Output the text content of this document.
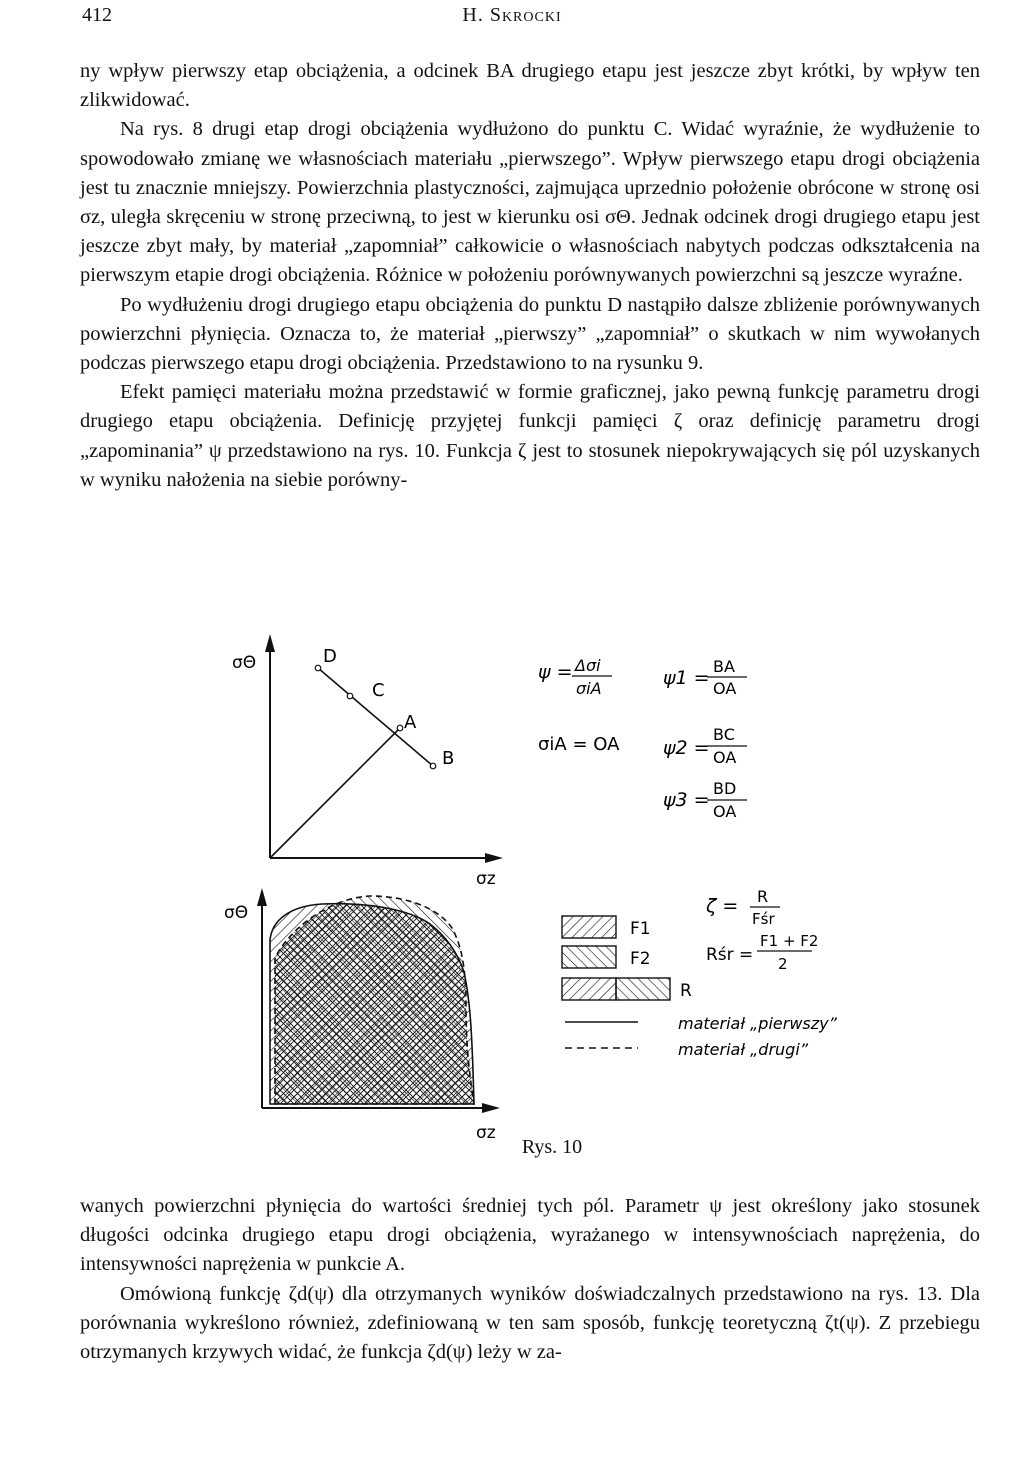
412	H. Skrocki

ny wpływ pierwszy etap obciążenia, a odcinek BA drugiego etapu jest jeszcze zbyt krótki, by wpływ ten zlikwidować.

Na rys. 8 drugi etap drogi obciążenia wydłużono do punktu C. Widać wyraźnie, że wydłużenie to spowodowało zmianę we własnościach materiału „pierwszego”. Wpływ pierwszego etapu drogi obciążenia jest tu znacznie mniejszy. Powierzchnia plastyczności, zajmująca uprzednio położenie obrócone w stronę osi σz, uległa skręceniu w stronę przeciwną, to jest w kierunku osi σΘ. Jednak odcinek drogi drugiego etapu jest jeszcze zbyt mały, by materiał „zapomniał” całkowicie o własnościach nabytych podczas odkształcenia na pierwszym etapie drogi obciążenia. Różnice w położeniu porównywanych powierzchni są jeszcze wyraźne.

Po wydłużeniu drogi drugiego etapu obciążenia do punktu D nastąpiło dalsze zbliżenie porównywanych powierzchni płynięcia. Oznacza to, że materiał „pierwszy” „zapomniał” o skutkach w nim wywołanych podczas pierwszego etapu drogi obciążenia. Przedstawiono to na rysunku 9.

Efekt pamięci materiału można przedstawić w formie graficznej, jako pewną funkcję parametru drogi drugiego etapu obciążenia. Definicję przyjętej funkcji pamięci ζ oraz definicję parametru drogi „zapominania” ψ przedstawiono na rys. 10. Funkcja ζ jest to stosunek niepokrywających się pól uzyskanych w wyniku nałożenia na siebie porówny-

σΘ
σz
D
C
A
B
ψ = Δσi
σiA
σiA = OA
ψ1 =
BA
OA
ψ2 =
BC
OA
ψ3 =
BD
OA
ζ = R
Fśr
Rśr =
F1 + F2
2
σΘ
σz
F1
F2
R
materiał „pierwszy”
materiał „drugi”
Rys. 10

wanych powierzchni płynięcia do wartości średniej tych pól. Parametr ψ jest określony jako stosunek długości odcinka drugiego etapu drogi obciążenia, wyrażanego w intensywnościach naprężenia, do intensywności naprężenia w punkcie A.

Omówioną funkcję ζd(ψ) dla otrzymanych wyników doświadczalnych przedstawiono na rys. 13. Dla porównania wykreślono również, zdefiniowaną w ten sam sposób, funkcję teoretyczną ζt(ψ). Z przebiegu otrzymanych krzywych widać, że funkcja ζd(ψ) leży w za-
